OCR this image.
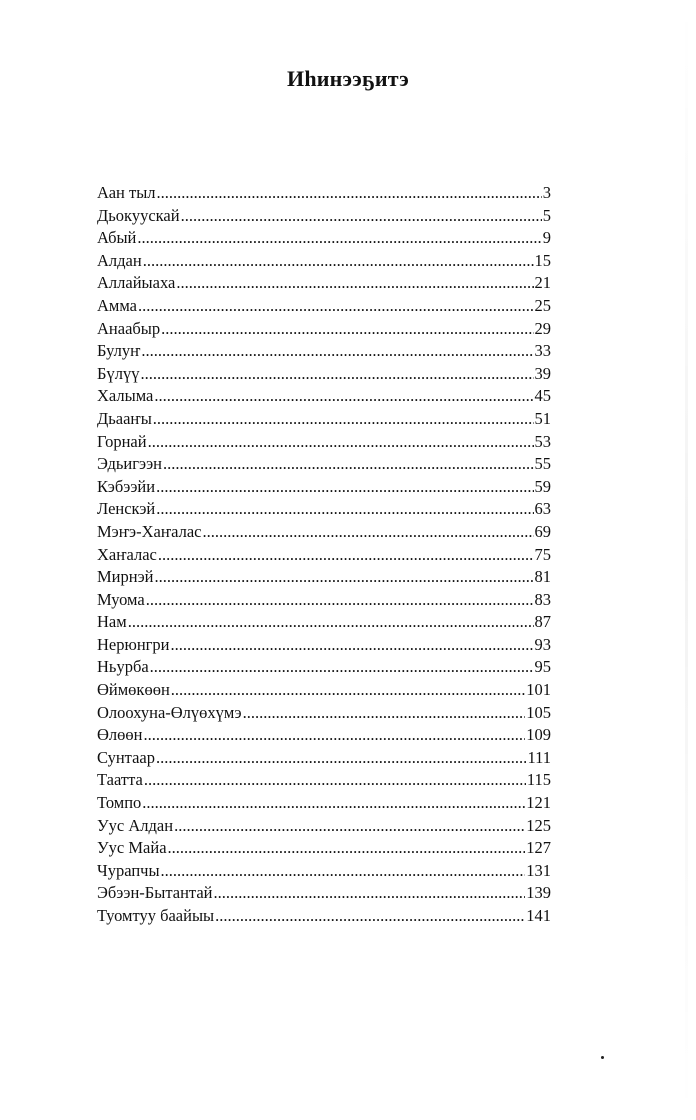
Иhинээҕитэ
Аан тыл .....	3
Дьокуускай .....	5
Абый .....	9
Алдан .....	15
Аллайыаха .....	21
Амма .....	25
Анаабыр .....	29
Булуҥ .....	33
Бүлүү .....	39
Халыма .....	45
Дьааҥы .....	51
Горнай .....	53
Эдьигээн .....	55
Кэбээйи .....	59
Ленскэй .....	63
Мэҥэ-Хаҥалас .....	69
Хаҥалас .....	75
Мирнэй .....	81
Муома .....	83
Нам .....	87
Нерюнгри .....	93
Ньурба .....	95
Өймөкөөн .....	101
Олоохуна-Өлүөхүмэ .....	105
Өлөөн .....	109
Сунтаар .....	111
Таатта .....	115
Томпо .....	121
Уус Алдан .....	125
Уус Майа .....	127
Чурапчы .....	131
Эбээн-Бытантай .....	139
Туомтуу баайыы .....	141
